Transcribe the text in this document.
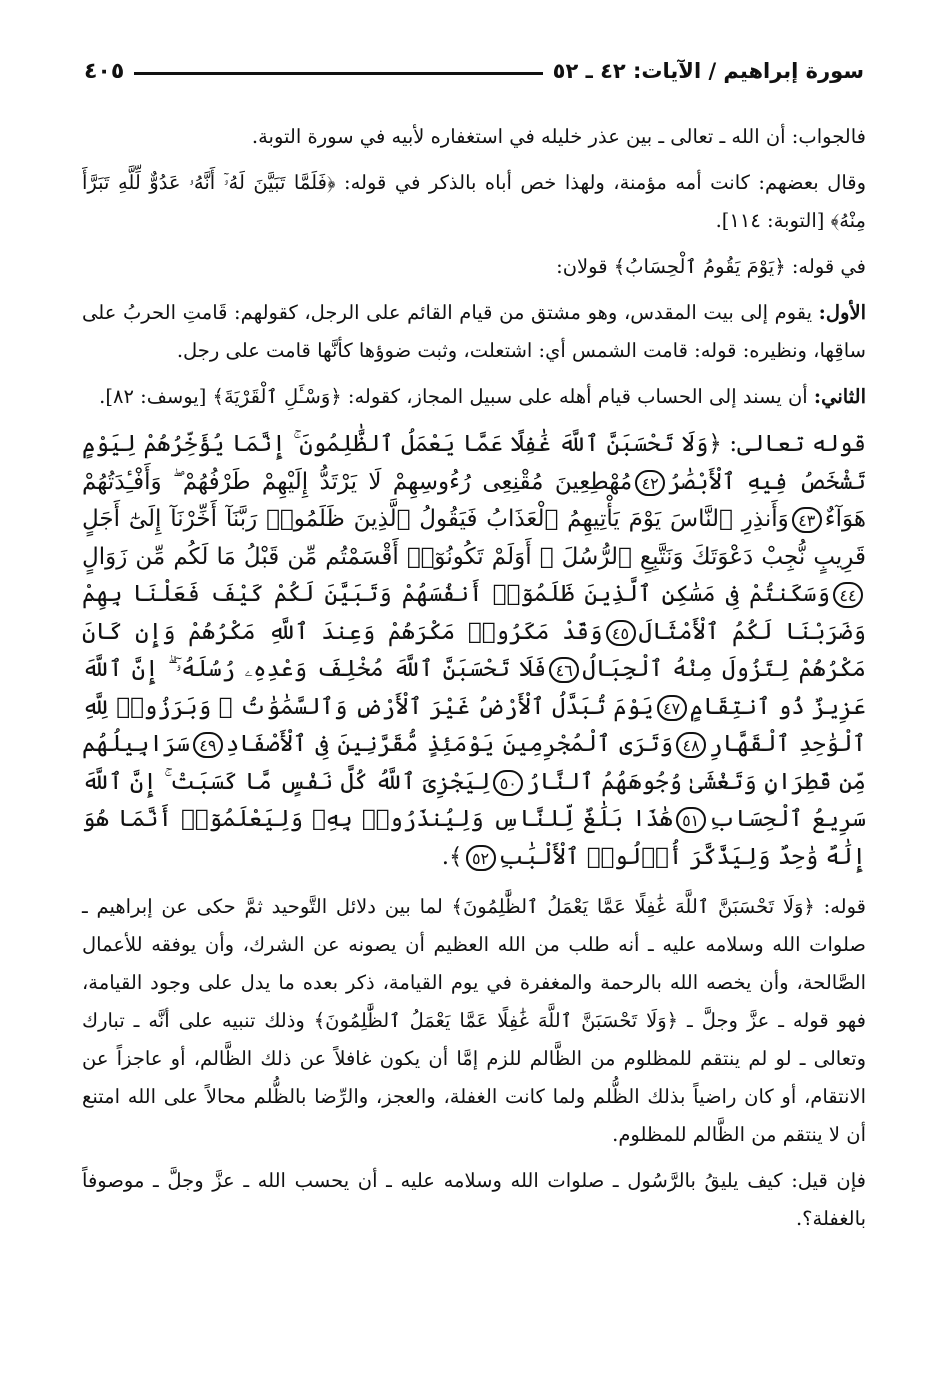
٤٠٥	سورة إبراهيم / الآيات: ٤٢ ـ ٥٢

فالجواب: أن الله ـ تعالى ـ بين عذر خليله في استغفاره لأبيه في سورة التوبة.

وقال بعضهم: كانت أمه مؤمنة، ولهذا خص أباه بالذكر في قوله: ﴿فَلَمَّا تَبَيَّنَ لَهُۥٓ أَنَّهُۥ عَدُوٌّ لِّلَّهِ تَبَرَّأَ مِنْهُ﴾ [التوبة: ١١٤].

في قوله: ﴿يَوْمَ يَقُومُ ٱلْحِسَابُ﴾ قولان:

الأول: يقوم إلى بيت المقدس، وهو مشتق من قيام القائم على الرجل، كقولهم: قَامتِ الحربُ على ساقِها، ونظيره: قوله: قامت الشمس أي: اشتعلت، وثبت ضوؤها كأنَّها قامت على رجل.

الثاني: أن يسند إلى الحساب قيام أهله على سبيل المجاز، كقوله: ﴿وَسْـَٔلِ ٱلْقَرْيَةَ﴾ [يوسف: ٨٢].

قوله تعالى: ﴿وَلَا تَحْسَبَنَّ ٱللَّهَ غَٰفِلًا عَمَّا يَعْمَلُ ٱلظَّٰلِمُونَ ۚ إِنَّمَا يُؤَخِّرُهُمْ لِيَوْمٍ تَشْخَصُ فِيهِ ٱلْأَبْصَٰرُ٤٢مُهْطِعِينَ مُقْنِعِى رُءُوسِهِمْ لَا يَرْتَدُّ إِلَيْهِمْ طَرْفُهُمْ ۖ وَأَفْـِٔدَتُهُمْ هَوَآءٌ٤٣وَأَنذِرِ ٱلنَّاسَ يَوْمَ يَأْتِيهِمُ ٱلْعَذَابُ فَيَقُولُ ٱلَّذِينَ ظَلَمُوا۟ رَبَّنَآ أَخِّرْنَآ إِلَىٰٓ أَجَلٍ قَرِيبٍ نُّجِبْ دَعْوَتَكَ وَنَتَّبِعِ ٱلرُّسُلَ ۗ أَوَلَمْ تَكُونُوٓا۟ أَقْسَمْتُم مِّن قَبْلُ مَا لَكُم مِّن زَوَالٍ٤٤وَسَكَنتُمْ فِى مَسَٰكِنِ ٱلَّذِينَ ظَلَمُوٓا۟ أَنفُسَهُمْ وَتَبَيَّنَ لَكُمْ كَيْفَ فَعَلْنَا بِهِمْ وَضَرَبْنَا لَكُمُ ٱلْأَمْثَالَ٤٥وَقَدْ مَكَرُوا۟ مَكْرَهُمْ وَعِندَ ٱللَّهِ مَكْرُهُمْ وَإِن كَانَ مَكْرُهُمْ لِتَزُولَ مِنْهُ ٱلْجِبَالُ٤٦فَلَا تَحْسَبَنَّ ٱللَّهَ مُخْلِفَ وَعْدِهِۦ رُسُلَهُۥٓ ۗ إِنَّ ٱللَّهَ عَزِيزٌ ذُو ٱنتِقَامٍ٤٧يَوْمَ تُبَدَّلُ ٱلْأَرْضُ غَيْرَ ٱلْأَرْضِ وَٱلسَّمَٰوَٰتُ ۖ وَبَرَزُوا۟ لِلَّهِ ٱلْوَٰحِدِ ٱلْقَهَّارِ٤٨وَتَرَى ٱلْمُجْرِمِينَ يَوْمَئِذٍ مُّقَرَّنِينَ فِى ٱلْأَصْفَادِ٤٩سَرَابِيلُهُم مِّن قَطِرَانٍ وَتَغْشَىٰ وُجُوهَهُمُ ٱلنَّارُ٥٠لِيَجْزِىَ ٱللَّهُ كُلَّ نَفْسٍ مَّا كَسَبَتْ ۚ إِنَّ ٱللَّهَ سَرِيعُ ٱلْحِسَابِ٥١هَٰذَا بَلَٰغٌ لِّلنَّاسِ وَلِيُنذَرُوا۟ بِهِۦ وَلِيَعْلَمُوٓا۟ أَنَّمَا هُوَ إِلَٰهٌ وَٰحِدٌ وَلِيَذَّكَّرَ أُو۟لُوا۟ ٱلْأَلْبَٰبِ٥٢﴾.

قوله: ﴿وَلَا تَحْسَبَنَّ ٱللَّهَ غَٰفِلًا عَمَّا يَعْمَلُ ٱلظَّٰلِمُونَ﴾ لما بين دلائل التَّوحيد ثمَّ حكى عن إبراهيم ـ صلوات الله وسلامه عليه ـ أنه طلب من الله العظيم أن يصونه عن الشرك، وأن يوفقه للأعمال الصَّالحة، وأن يخصه الله بالرحمة والمغفرة في يوم القيامة، ذكر بعده ما يدل على وجود القيامة، فهو قوله ـ عزَّ وجلَّ ـ ﴿وَلَا تَحْسَبَنَّ ٱللَّهَ غَٰفِلًا عَمَّا يَعْمَلُ ٱلظَّٰلِمُونَ﴾ وذلك تنبيه على أنَّه ـ تبارك وتعالى ـ لو لم ينتقم للمظلوم من الظَّالم للزم إمَّا أن يكون غافلاً عن ذلك الظَّالم، أو عاجزاً عن الانتقام، أو كان راضياً بذلك الظُّلم ولما كانت الغفلة، والعجز، والرِّضا بالظُّلم محالاً على الله امتنع أن لا ينتقم من الظَّالم للمظلوم.

فإن قيل: كيف يليقُ بالرَّسُول ـ صلوات الله وسلامه عليه ـ أن يحسب الله ـ عزَّ وجلَّ ـ موصوفاً بالغفلة؟.
